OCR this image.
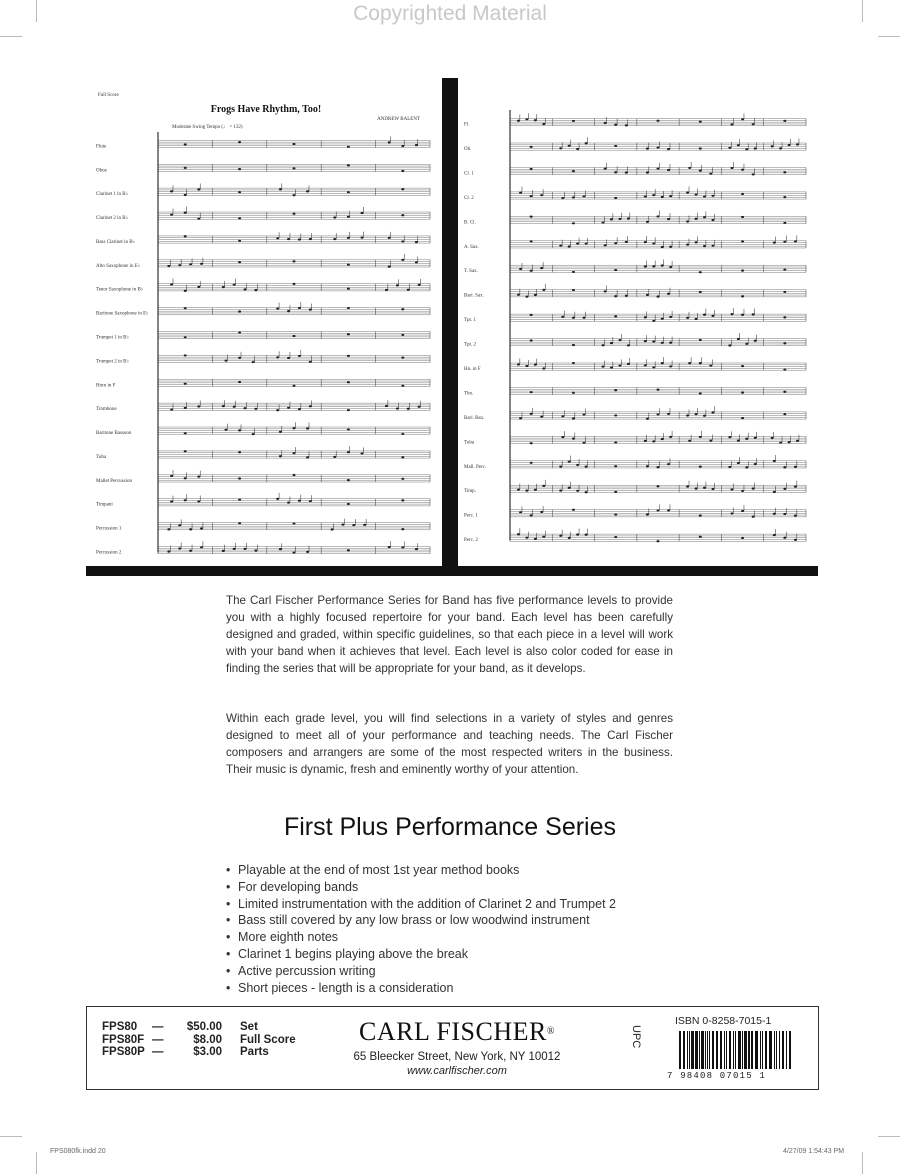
Copyrighted Material
Full Score
Frogs Have Rhythm, Too!
ANDREW BALENT
Moderate Swing Tempo (♩ = 132)
Flute
Oboe
Clarinet 1 in B♭
Clarinet 2 in B♭
Bass Clarinet in B♭
Alto Saxophone in E♭
Tenor Saxophone in B♭
Baritone Saxophone in E♭
Trumpet 1 in B♭
Trumpet 2 in B♭
Horn in F
Trombone
Baritone Bassoon
Tuba
Mallet Percussion
Timpani
Percussion 1
Percussion 2
Fl.
Ob.
Cl. 1
Cl. 2
B. Cl.
A. Sax.
T. Sax.
Bari. Sax.
Tpt. 1
Tpt. 2
Hn. in F
Tbn.
Bari. Bsn.
Tuba
Mall. Perc.
Timp.
Perc. 1
Perc. 2

The Carl Fischer Performance Series for Band has five performance levels to provide you with a highly focused repertoire for your band. Each level has been carefully designed and graded, within specific guidelines, so that each piece in a level will work with your band when it achieves that level. Each level is also color coded for ease in finding the series that will be appropriate for your band, as it develops.

Within each grade level, you will find selections in a variety of styles and genres designed to meet all of your performance and teaching needs. The Carl Fischer composers and arrangers are some of the most respected writers in the business. Their music is dynamic, fresh and eminently worthy of your attention.

First Plus Performance Series
• Playable at the end of most 1st year method books
• For developing bands
• Limited instrumentation with the addition of Clarinet 2 and Trumpet 2
• Bass still covered by any low brass or low woodwind instrument
• More eighth notes
• Clarinet 1 begins playing above the break
• Active percussion writing
• Short pieces - length is a consideration
FPS80	—	$50.00	Set
FPS80F —	$8.00	Full Score
FPS80P —	$3.00	Parts
CARL FISCHER®
65 Bleecker Street, New York, NY 10012
www.carlfischer.com
UPC
ISBN 0-8258-7015-1
7 98408 07015 1
FPS080fk.indd 20	4/27/09 1:54:43 PM
